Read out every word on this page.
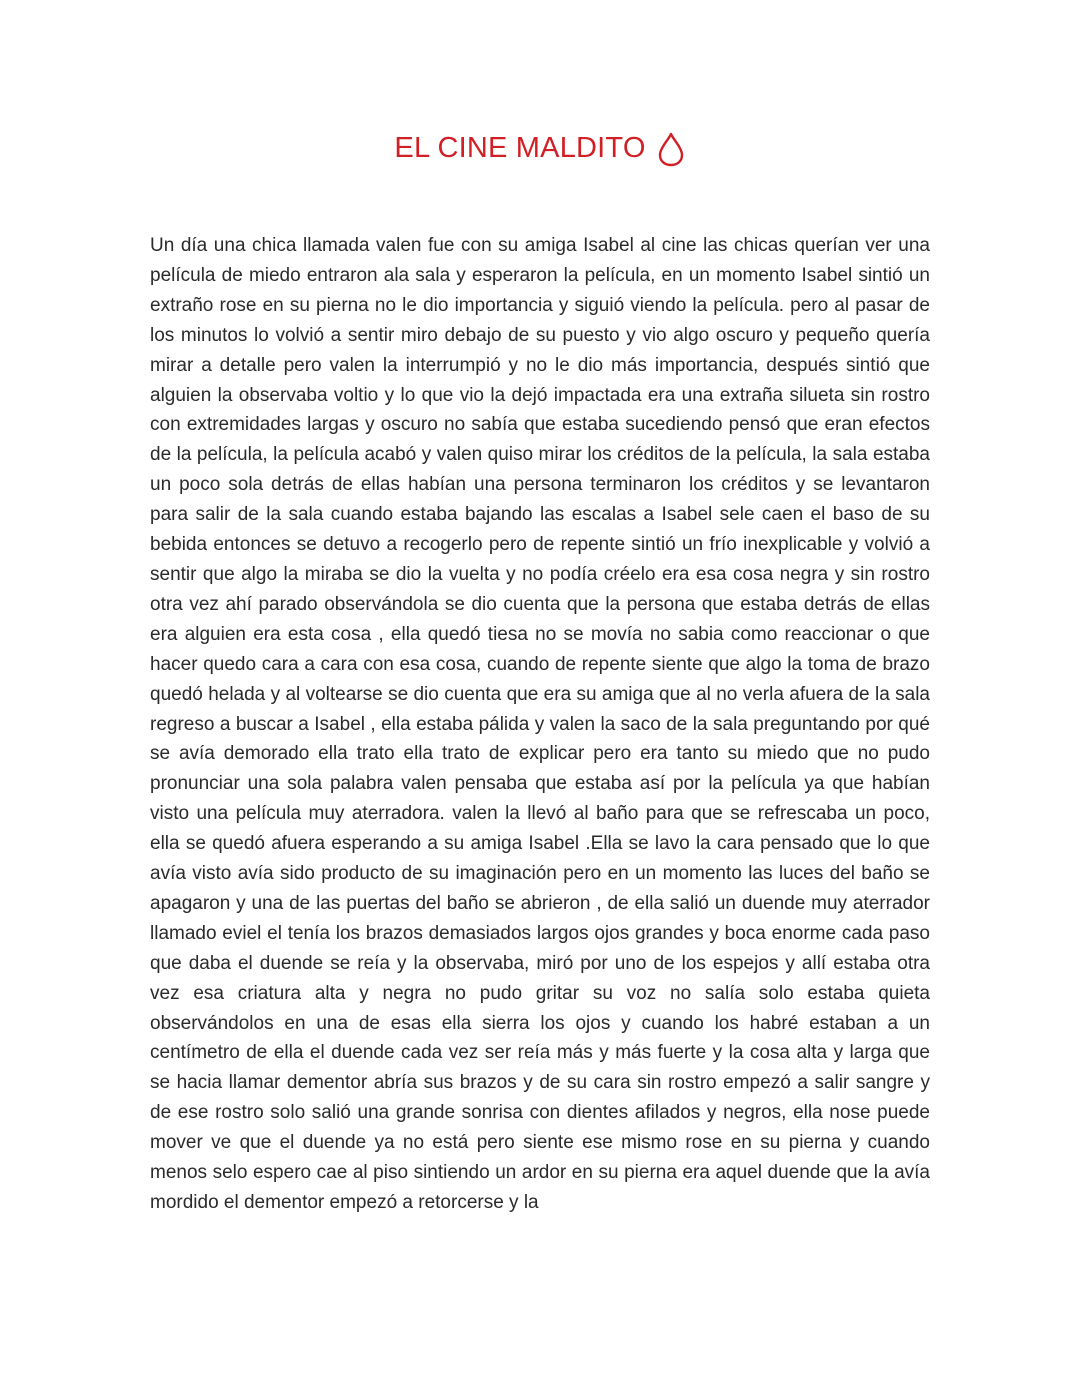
EL CINE MALDITO

Un día una chica llamada valen fue con su amiga Isabel al cine las chicas querían ver una película de miedo entraron ala sala y esperaron la película, en un momento Isabel sintió un extraño rose en su pierna no le dio importancia y siguió viendo la película. pero al pasar de los minutos lo volvió a sentir miro debajo de su puesto y vio algo oscuro y pequeño quería mirar a detalle pero valen la interrumpió y no le dio más importancia, después sintió que alguien la observaba voltio y lo que vio la dejó impactada era una extraña silueta sin rostro con extremidades largas y oscuro no sabía que estaba sucediendo pensó que eran efectos de la película, la película acabó y valen quiso mirar los créditos de la película, la sala estaba un poco sola detrás de ellas habían una persona terminaron los créditos y se levantaron para salir de la sala cuando estaba bajando las escalas a Isabel sele caen el baso de su bebida entonces se detuvo a recogerlo pero de repente sintió un frío inexplicable y volvió a sentir que algo la miraba se dio la vuelta y no podía créelo era esa cosa negra y sin rostro otra vez ahí parado observándola se dio cuenta que la persona que estaba detrás de ellas era alguien era esta cosa , ella quedó tiesa no se movía no sabia como reaccionar o que hacer quedo cara a cara con esa cosa, cuando de repente siente que algo la toma de brazo quedó helada y al voltearse se dio cuenta que era su amiga que al no verla afuera de la sala regreso a buscar a Isabel , ella estaba pálida y valen la saco de la sala preguntando por qué se avía demorado ella trato ella trato de explicar pero era tanto su miedo que no pudo pronunciar una sola palabra valen pensaba que estaba así por la película ya que habían visto una película muy aterradora. valen la llevó al baño para que se refrescaba un poco, ella se quedó afuera esperando a su amiga Isabel .Ella se lavo la cara pensado que lo que avía visto avía sido producto de su imaginación pero en un momento las luces del baño se apagaron y una de las puertas del baño se abrieron , de ella salió un duende muy aterrador llamado eviel el tenía los brazos demasiados largos ojos grandes y boca enorme cada paso que daba el duende se reía y la observaba, miró por uno de los espejos y allí estaba otra vez esa criatura alta y negra no pudo gritar su voz no salía solo estaba quieta observándolos en una de esas ella sierra los ojos y cuando los habré estaban a un centímetro de ella el duende cada vez ser reía más y más fuerte y la cosa alta y larga que se hacia llamar dementor abría sus brazos y de su cara sin rostro empezó a salir sangre y de ese rostro solo salió una grande sonrisa con dientes afilados y negros, ella nose puede mover ve que el duende ya no está pero siente ese mismo rose en su pierna y cuando menos selo espero cae al piso sintiendo un ardor en su pierna era aquel duende que la avía mordido el dementor empezó a retorcerse y la
